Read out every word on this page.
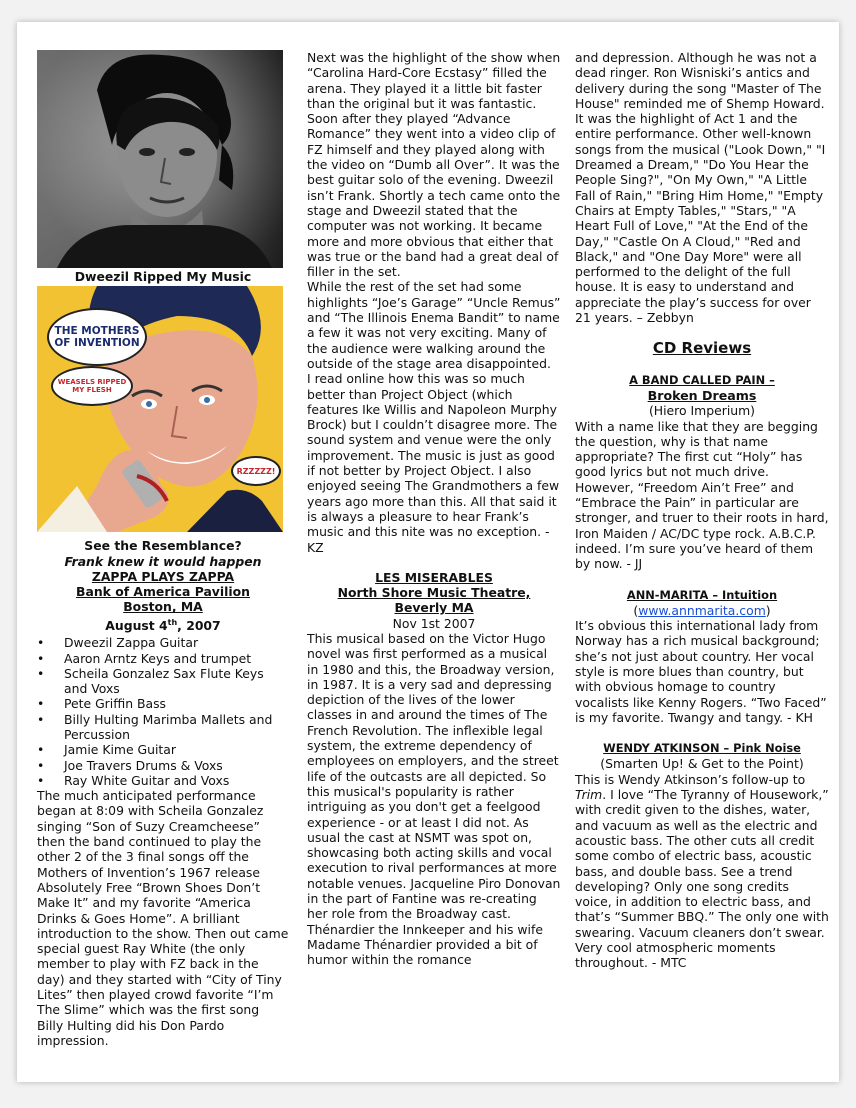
Dweezil Ripped My Music
THE MOTHERS OF INVENTION
WEASELS RIPPED MY FLESH
RZZZZZ!
See the Resemblance?
Frank knew it would happen
ZAPPA PLAYS ZAPPA
Bank of America Pavilion
Boston, MA
August 4th, 2007
• Dweezil Zappa Guitar
• Aaron Arntz Keys and trumpet
• Scheila Gonzalez Sax Flute Keys and Voxs
• Pete Griffin Bass
• Billy Hulting Marimba Mallets and Percussion
• Jamie Kime Guitar
• Joe Travers Drums & Voxs
• Ray White Guitar and Voxs

The much anticipated performance began at 8:09 with Scheila Gonzalez singing “Son of Suzy Creamcheese” then the band continued to play the other 2 of the 3 final songs off the Mothers of Invention’s 1967 release Absolutely Free “Brown Shoes Don’t Make It” and my favorite “America Drinks & Goes Home”. A brilliant introduction to the show. Then out came special guest Ray White (the only member to play with FZ back in the day) and they started with “City of Tiny Lites” then played crowd favorite “I’m The Slime” which was the first song Billy Hulting did his Don Pardo impression.

Next was the highlight of the show when “Carolina Hard-Core Ecstasy” filled the arena. They played it a little bit faster than the original but it was fantastic. Soon after they played “Advance Romance” they went into a video clip of FZ himself and they played along with the video on “Dumb all Over”. It was the best guitar solo of the evening. Dweezil isn’t Frank. Shortly a tech came onto the stage and Dweezil stated that the computer was not working. It became more and more obvious that either that was true or the band had a great deal of filler in the set.

While the rest of the set had some highlights “Joe’s Garage” “Uncle Remus” and “The Illinois Enema Bandit” to name a few it was not very exciting. Many of the audience were walking around the outside of the stage area disappointed.

I read online how this was so much better than Project Object (which features Ike Willis and Napoleon Murphy Brock) but I couldn’t disagree more. The sound system and venue were the only improvement. The music is just as good if not better by Project Object. I also enjoyed seeing The Grandmothers a few years ago more than this. All that said it is always a pleasure to hear Frank’s music and this nite was no exception. - KZ

LES MISERABLES
North Shore Music Theatre,
Beverly MA
Nov 1st 2007

This musical based on the Victor Hugo novel was first performed as a musical in 1980 and this, the Broadway version, in 1987. It is a very sad and depressing depiction of the lives of the lower classes in and around the times of The French Revolution. The inflexible legal system, the extreme dependency of employees on employers, and the street life of the outcasts are all depicted. So this musical's popularity is rather intriguing as you don't get a feelgood experience - or at least I did not. As usual the cast at NSMT was spot on, showcasing both acting skills and vocal execution to rival performances at more notable venues. Jacqueline Piro Donovan in the part of Fantine was re-creating her role from the Broadway cast. Thénardier the Innkeeper and his wife Madame Thénardier provided a bit of humor within the romance

and depression. Although he was not a dead ringer. Ron Wisniski’s antics and delivery during the song "Master of The House" reminded me of Shemp Howard. It was the highlight of Act 1 and the entire performance. Other well-known songs from the musical ("Look Down," "I Dreamed a Dream," "Do You Hear the People Sing?", "On My Own," "A Little Fall of Rain," "Bring Him Home," "Empty Chairs at Empty Tables," "Stars," "A Heart Full of Love," "At the End of the Day," "Castle On A Cloud," "Red and Black," and "One Day More" were all performed to the delight of the full house. It is easy to understand and appreciate the play’s success for over 21 years. – Zebbyn

CD Reviews
A BAND CALLED PAIN –
Broken Dreams
(Hiero Imperium)

With a name like that they are begging the question, why is that name appropriate? The first cut “Holy” has good lyrics but not much drive. However, “Freedom Ain’t Free” and “Embrace the Pain” in particular are stronger, and truer to their roots in hard, Iron Maiden / AC/DC type rock. A.B.C.P. indeed. I’m sure you’ve heard of them by now. - JJ

ANN-MARITA – Intuition
(www.annmarita.com)

It’s obvious this international lady from Norway has a rich musical background; she’s not just about country. Her vocal style is more blues than country, but with obvious homage to country vocalists like Kenny Rogers. “Two Faced” is my favorite. Twangy and tangy. - KH

WENDY ATKINSON – Pink Noise
(Smarten Up! & Get to the Point)

This is Wendy Atkinson’s follow-up to Trim. I love “The Tyranny of Housework,” with credit given to the dishes, water, and vacuum as well as the electric and acoustic bass. The other cuts all credit some combo of electric bass, acoustic bass, and double bass. See a trend developing? Only one song credits voice, in addition to electric bass, and that’s “Summer BBQ.” The only one with swearing. Vacuum cleaners don’t swear. Very cool atmospheric moments throughout. - MTC
